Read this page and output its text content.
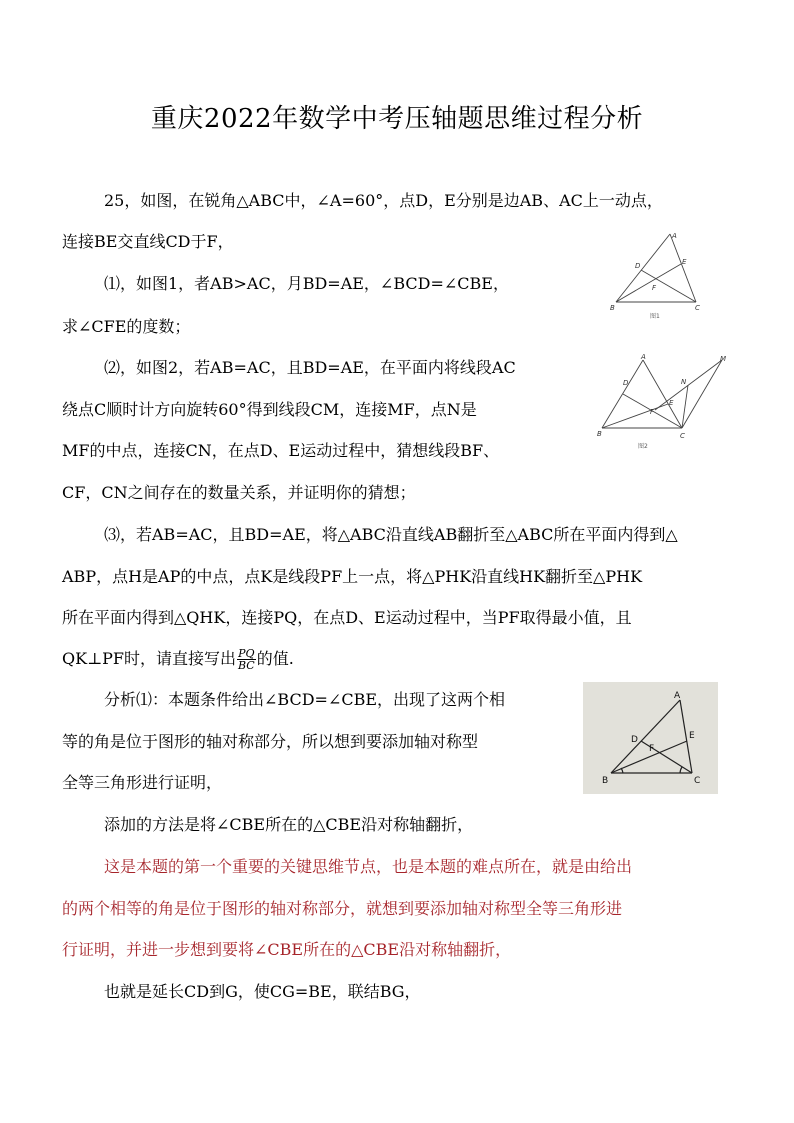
重庆2022年数学中考压轴题思维过程分析
25，如图，在锐角△ABC中，∠A=60°，点D，E分别是边AB、AC上一动点，
连接BE交直线CD于F，
⑴，如图1，者AB>AC，月BD=AE，∠BCD=∠CBE，
求∠CFE的度数；
⑵，如图2，若AB=AC，且BD=AE，在平面内将线段AC
绕点C顺时计方向旋转60°得到线段CM，连接MF，点N是
MF的中点，连接CN，在点D、E运动过程中，猜想线段BF、
CF，CN之间存在的数量关系，并证明你的猜想；
⑶，若AB=AC，且BD=AE，将△ABC沿直线AB翻折至△ABC所在平面内得到△
ABP，点H是AP的中点，点K是线段PF上一点，将△PHK沿直线HK翻折至△PHK
所在平面内得到△QHK，连接PQ，在点D、E运动过程中，当PF取得最小值，且
QK⊥PF时，请直接写出 $\frac{PQ}{BC}$ 的值.
分析⑴：本题条件给出∠BCD=∠CBE，出现了这两个相
等的角是位于图形的轴对称部分，所以想到要添加轴对称型
全等三角形进行证明，
添加的方法是将∠CBE所在的△CBE沿对称轴翻折，
这是本题的第一个重要的关键思维节点，也是本题的难点所在，就是由给出
的两个相等的角是位于图形的轴对称部分，就想到要添加轴对称型全等三角形进
行证明，并进一步想到要将∠CBE所在的△CBE沿对称轴翻折，
也就是延长CD到G，使CG=BE，联结BG，
A
B	C
D	E
F
图1
A
B	C
D
E
F
M
N
图2
A
B	C
D	E
F
